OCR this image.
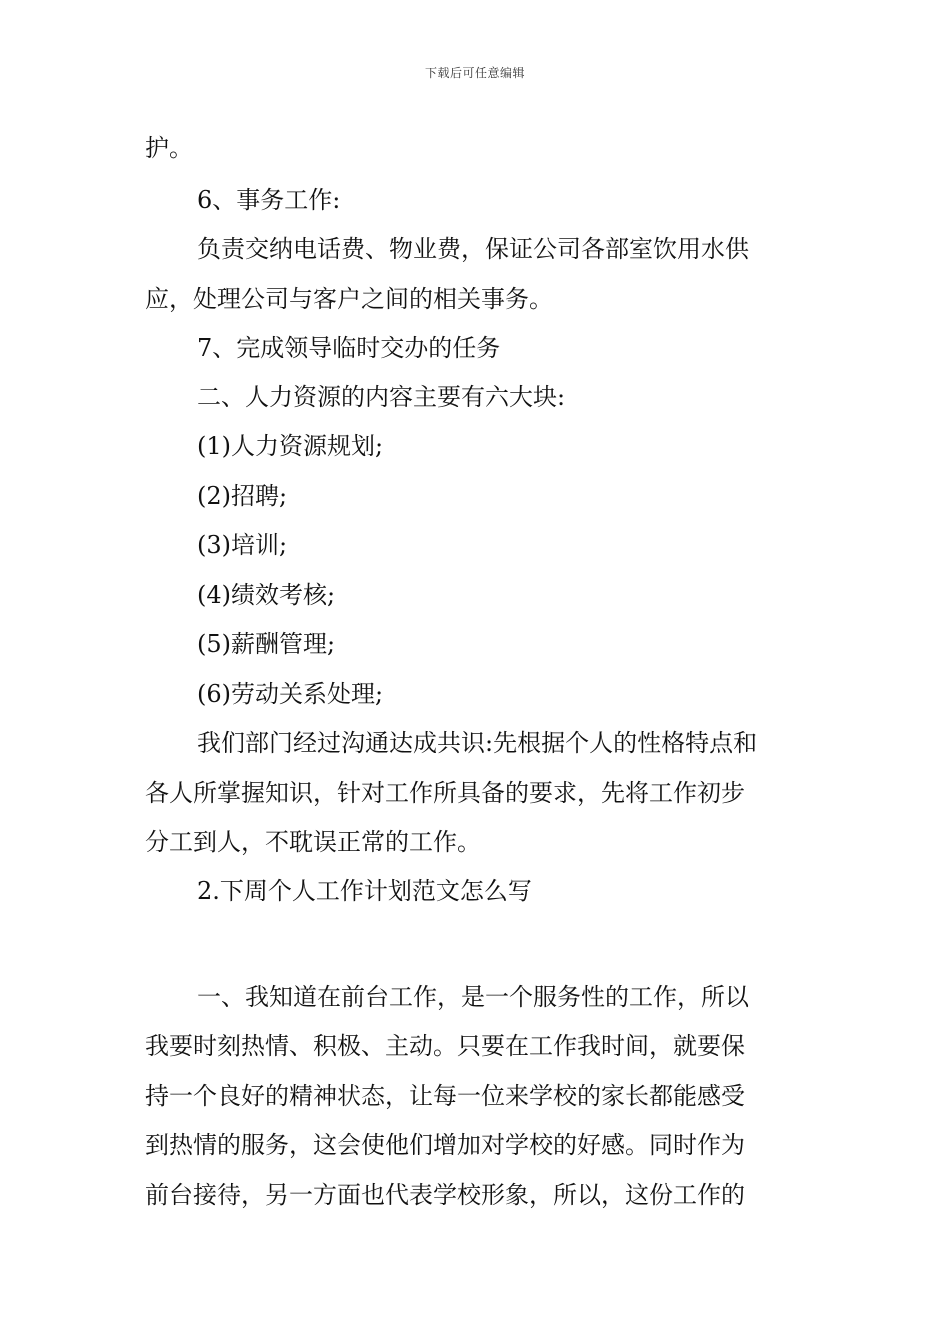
下载后可任意编辑
护。
6、事务工作:
负责交纳电话费、物业费，保证公司各部室饮用水供
应，处理公司与客户之间的相关事务。
7、完成领导临时交办的任务
二、人力资源的内容主要有六大块:
(1)人力资源规划;
(2)招聘;
(3)培训;
(4)绩效考核;
(5)薪酬管理;
(6)劳动关系处理;
我们部门经过沟通达成共识:先根据个人的性格特点和
各人所掌握知识，针对工作所具备的要求，先将工作初步
分工到人，不耽误正常的工作。
2.下周个人工作计划范文怎么写
一、我知道在前台工作，是一个服务性的工作，所以
我要时刻热情、积极、主动。只要在工作我时间，就要保
持一个良好的精神状态，让每一位来学校的家长都能感受
到热情的服务，这会使他们增加对学校的好感。同时作为
前台接待，另一方面也代表学校形象，所以，这份工作的
